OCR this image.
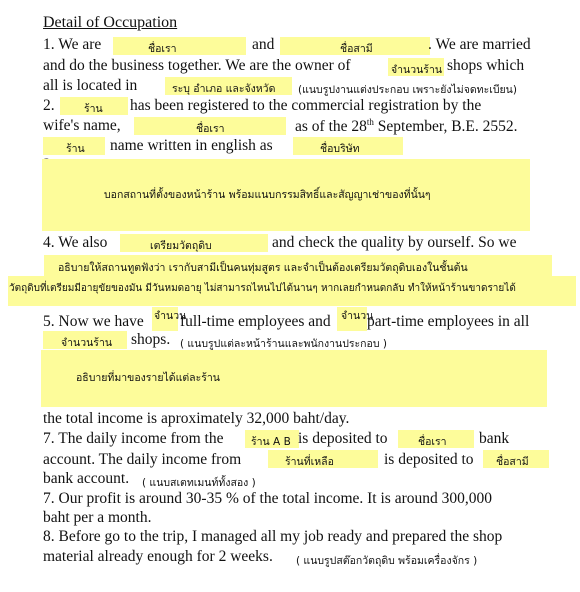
Detail of Occupation
ชื่อเรา	ชื่อสามี
1. We are	and	. We are married
จำนวนร้าน
and do the business together. We are the owner of	shops which
ระบุ อำเภอ และจังหวัด
all is located in	(แนบรูปงานแต่งประกอบ เพราะยังไม่จดทะเบียน)
ร้าน
2.	has been registered to the commercial registration by the
ชื่อเรา
wife's name,	as of the 28th September, B.E. 2552.
ร้าน name written in english as	ชื่อบริษัท
บอกสถานที่ตั้งของหน้าร้าน พร้อมแนบกรรมสิทธิ์และสัญญาเช่าของที่นั้นๆ
4. We also	เตรียมวัตถุดิบ	and check the quality by ourself. So we
อธิบายให้สถานทูตฟังว่า เรากับสามีเป็นคนทุ่มสูตร และจำเป็นต้องเตรียมวัตถุดิบเองในชั้นต้น
วัตถุดิบที่เตรียมมีอายุขัยของมัน มีวันหมดอายุ ไม่สามารถไหนไปได้นานๆ หากเลยกำหนดกลับ ทำให้หน้าร้านขาดรายได้
5. Now we have จำนวน
full-time employees and จำนวน
part-time employees in all
จำนวนร้าน shops. ( แนบรูปแต่ละหน้าร้านและพนักงานประกอบ )
อธิบายที่มาของรายได้แต่ละร้าน
the total income is aproximately 32,000 baht/day.
7. The daily income from the	ร้าน A B is deposited to	ชื่อเรา bank
account. The daily income from	ร้านที่เหลือ	is deposited to ชื่อสามี
bank account. ( แนบสเตทเมนท์ทั้งสอง )
7. Our profit is around 30-35 % of the total income. It is around 300,000
baht per a month.
8. Before go to the trip, I managed all my job ready and prepared the shop
material already enough for 2 weeks. ( แนบรูปสต๊อกวัตถุดิบ พร้อมเครื่องจักร )
